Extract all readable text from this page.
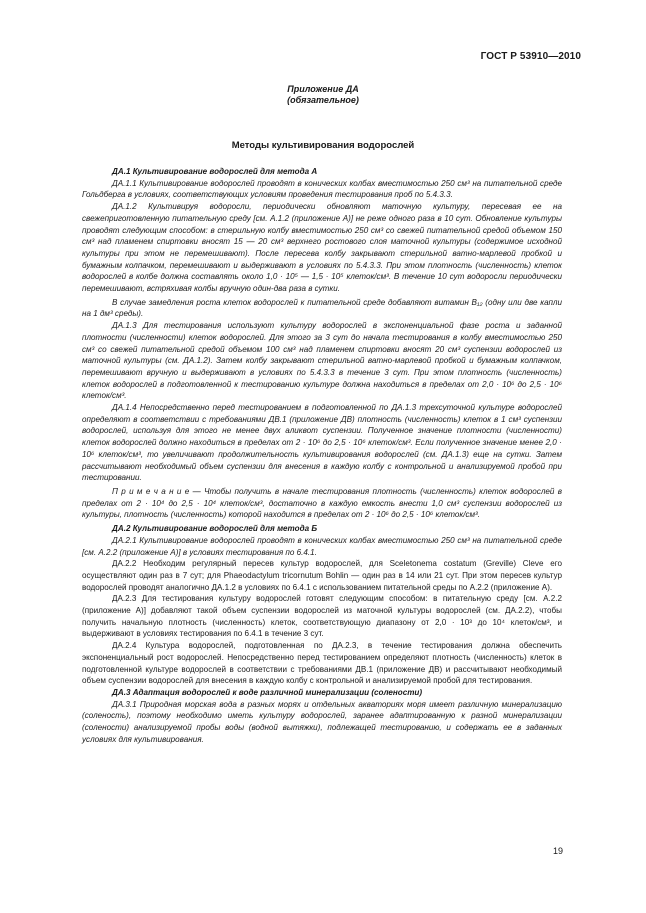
ГОСТ Р 53910—2010
Приложение ДА
(обязательное)
Методы культивирования водорослей

ДА.1 Культивирование водорослей для метода А

ДА.1.1 Культивирование водорослей проводят в конических колбах вместимостью 250 см³ на питательной среде Гольдберга в условиях, соответствующих условиям проведения тестирования проб по 5.4.3.3.

ДА.1.2 Культивируя водоросли, периодически обновляют маточную культуру, пересевая ее на свежеприготовленную питательную среду [см. А.1.2 (приложение А)] не реже одного раза в 10 сут. Обновление культуры проводят следующим способом: в стерильную колбу вместимостью 250 см³ со свежей питательной средой объемом 150 см³ над пламенем спиртовки вносят 15 — 20 см³ верхнего ростового слоя маточной культуры (содержимое исходной культуры при этом не перемешивают). После пересева колбу закрывают стерильной ватно-марлевой пробкой и бумажным колпачком, перемешивают и выдерживают в условиях по 5.4.3.3. При этом плотность (численность) клеток водорослей в колбе должна составлять около 1,0 · 10⁵ — 1,5 · 10⁵ клеток/см³. В течение 10 сут водоросли периодически перемешивают, встряхивая колбы вручную один-два раза в сутки.

В случае замедления роста клеток водорослей к питательной среде добавляют витамин B₁₂ (одну или две капли на 1 дм³ среды).

ДА.1.3 Для тестирования используют культуру водорослей в экспоненциальной фазе роста и заданной плотности (численности) клеток водорослей. Для этого за 3 сут до начала тестирования в колбу вместимостью 250 см³ со свежей питательной средой объемом 100 см³ над пламенем спиртовки вносят 20 см³ суспензии водорослей из маточной культуры (см. ДА.1.2). Затем колбу закрывают стерильной ватно-марлевой пробкой и бумажным колпачком, перемешивают вручную и выдерживают в условиях по 5.4.3.3 в течение 3 сут. При этом плотность (численность) клеток водорослей в подготовленной к тестированию культуре должна находиться в пределах от 2,0 · 10⁶ до 2,5 · 10⁶ клеток/см³.

ДА.1.4 Непосредственно перед тестированием в подготовленной по ДА.1.3 трехсуточной культуре водорослей определяют в соответствии с требованиями ДВ.1 (приложение ДВ) плотность (численность) клеток в 1 см³ суспензии водорослей, используя для этого не менее двух аликвот суспензии. Полученное значение плотности (численности) клеток водорослей должно находиться в пределах от 2 · 10⁶ до 2,5 · 10⁶ клеток/см³. Если полученное значение менее 2,0 · 10⁶ клеток/см³, то увеличивают продолжительность культивирования водорослей (см. ДА.1.3) еще на сутки. Затем рассчитывают необходимый объем суспензии для внесения в каждую колбу с контрольной и анализируемой пробой при тестировании.

П р и м е ч а н и е — Чтобы получить в начале тестирования плотность (численность) клеток водорослей в пределах от 2 · 10⁴ до 2,5 · 10⁴ клеток/см³, достаточно в каждую емкость внести 1,0 см³ суспензии водорослей из культуры, плотность (численность) которой находится в пределах от 2 · 10⁶ до 2,5 · 10⁶ клеток/см³.

ДА.2 Культивирование водорослей для метода Б

ДА.2.1 Культивирование водорослей проводят в конических колбах вместимостью 250 см³ на питательной среде [см. А.2.2 (приложение А)] в условиях тестирования по 6.4.1.

ДА.2.2 Необходим регулярный пересев культур водорослей, для Sceletonema costatum (Greville) Cleve его осуществляют один раз в 7 сут; для Phaeodactylum tricornutum Bohlin — один раз в 14 или 21 сут. При этом пересев культур водорослей проводят аналогично ДА.1.2 в условиях по 6.4.1 с использованием питательной среды по А.2.2 (приложение А).

ДА.2.3 Для тестирования культуру водорослей готовят следующим способом: в питательную среду [см. А.2.2 (приложение А)] добавляют такой объем суспензии водорослей из маточной культуры водорослей (см. ДА.2.2), чтобы получить начальную плотность (численность) клеток, соответствующую диапазону от 2,0 · 10³ до 10⁴ клеток/см³, и выдерживают в условиях тестирования по 6.4.1 в течение 3 сут.

ДА.2.4 Культура водорослей, подготовленная по ДА.2.3, в течение тестирования должна обеспечить экспоненциальный рост водорослей. Непосредственно перед тестированием определяют плотность (численность) клеток в подготовленной культуре водорослей в соответствии с требованиями ДВ.1 (приложение ДВ) и рассчитывают необходимый объем суспензии водорослей для внесения в каждую колбу с контрольной и анализируемой пробой для тестирования.

ДА.3 Адаптация водорослей к воде различной минерализации (солености)

ДА.3.1 Природная морская вода в разных морях и отдельных акваториях моря имеет различную минерализацию (соленость), поэтому необходимо иметь культуру водорослей, заранее адаптированную к разной минерализации (солености) анализируемой пробы воды (водной вытяжки), подлежащей тестированию, и содержать ее в заданных условиях для культивирования.

19
